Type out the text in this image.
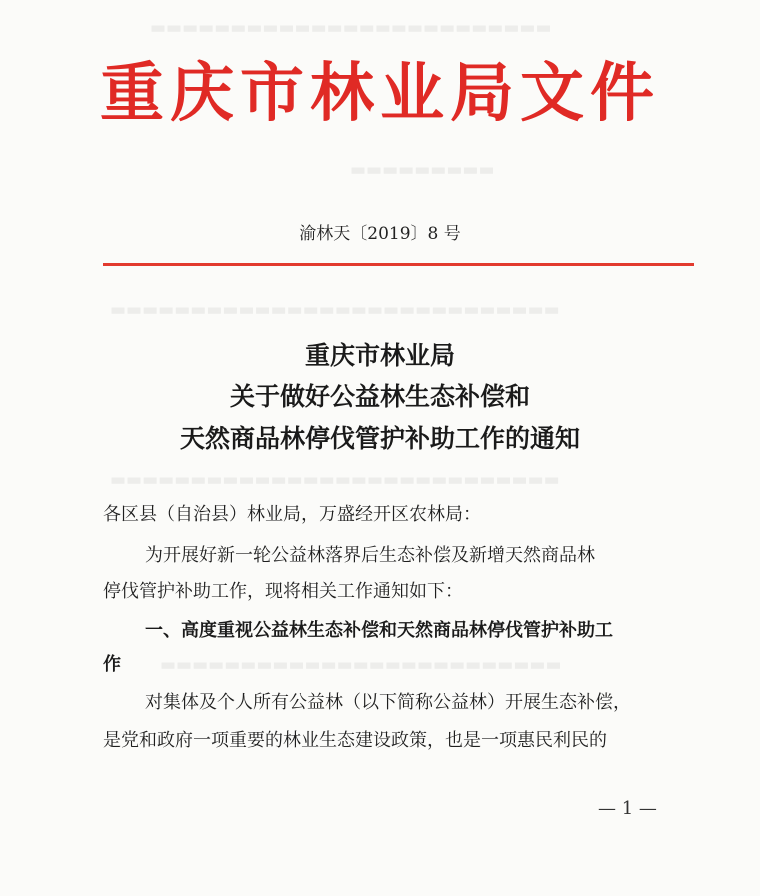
▬▬▬▬▬▬▬▬▬▬▬▬▬▬▬▬▬▬▬▬▬▬▬▬▬
▬▬▬▬▬▬▬▬▬
▬▬▬▬▬▬▬▬▬▬▬▬▬▬▬▬▬▬▬▬▬▬▬▬▬▬▬▬
▬▬▬▬▬▬▬▬▬▬▬▬▬▬▬▬▬▬▬▬▬▬▬▬▬▬▬▬
▬▬▬▬▬▬▬▬▬▬▬▬▬▬▬▬▬▬▬▬▬▬▬▬▬
重庆市林业局文件
渝林天〔2019〕8 号
重庆市林业局
关于做好公益林生态补偿和
天然商品林停伐管护补助工作的通知
各区县（自治县）林业局，万盛经开区农林局：
为开展好新一轮公益林落界后生态补偿及新增天然商品林
停伐管护补助工作，现将相关工作通知如下：
一、高度重视公益林生态补偿和天然商品林停伐管护补助工
作
对集体及个人所有公益林（以下简称公益林）开展生态补偿，
是党和政府一项重要的林业生态建设政策，也是一项惠民利民的
— 1 —
